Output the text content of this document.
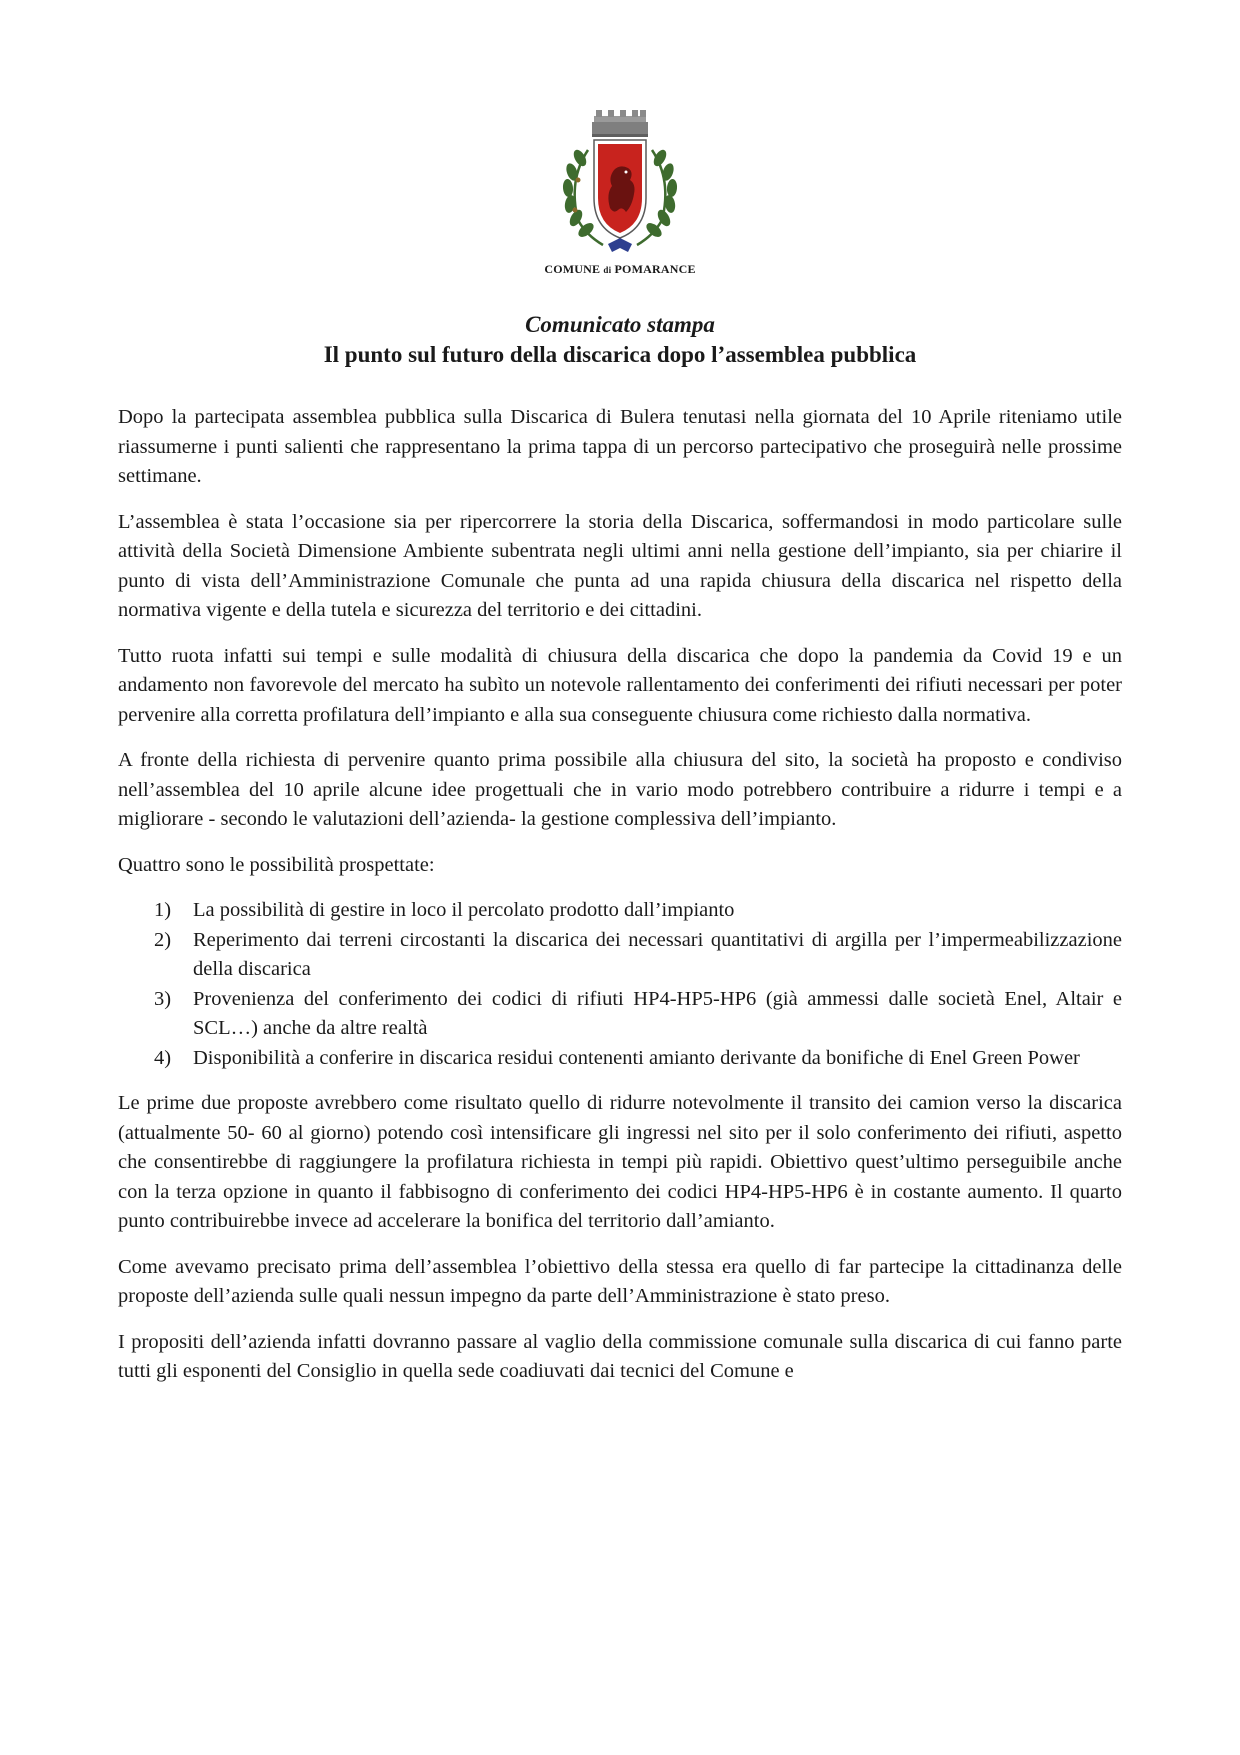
COMUNE di POMARANCE
Comunicato stampa
Il punto sul futuro della discarica dopo l’assemblea pubblica

Dopo la partecipata assemblea pubblica sulla Discarica di Bulera tenutasi nella giornata del 10 Aprile riteniamo utile riassumerne i punti salienti che rappresentano la prima tappa di un percorso partecipativo che proseguirà nelle prossime settimane.

L’assemblea è stata l’occasione sia per ripercorrere la storia della Discarica, soffermandosi in modo particolare sulle attività della Società Dimensione Ambiente subentrata negli ultimi anni nella gestione dell’impianto, sia per chiarire il punto di vista dell’Amministrazione Comunale che punta ad una rapida chiusura della discarica nel rispetto della normativa vigente e della tutela e sicurezza del territorio e dei cittadini.

Tutto ruota infatti sui tempi e sulle modalità di chiusura della discarica che dopo la pandemia da Covid 19 e un andamento non favorevole del mercato ha subìto un notevole rallentamento dei conferimenti dei rifiuti necessari per poter pervenire alla corretta profilatura dell’impianto e alla sua conseguente chiusura come richiesto dalla normativa.

A fronte della richiesta di pervenire quanto prima possibile alla chiusura del sito, la società ha proposto e condiviso nell’assemblea del 10 aprile alcune idee progettuali che in vario modo potrebbero contribuire a ridurre i tempi e a migliorare - secondo le valutazioni dell’azienda- la gestione complessiva dell’impianto.

Quattro sono le possibilità prospettate:

1) La possibilità di gestire in loco il percolato prodotto dall’impianto
2) Reperimento dai terreni circostanti la discarica dei necessari quantitativi di argilla per l’impermeabilizzazione della discarica
3) Provenienza del conferimento dei codici di rifiuti HP4-HP5-HP6 (già ammessi dalle società Enel, Altair e SCL…) anche da altre realtà
4) Disponibilità a conferire in discarica residui contenenti amianto derivante da bonifiche di Enel Green Power

Le prime due proposte avrebbero come risultato quello di ridurre notevolmente il transito dei camion verso la discarica (attualmente 50- 60 al giorno) potendo così intensificare gli ingressi nel sito per il solo conferimento dei rifiuti, aspetto che consentirebbe di raggiungere la profilatura richiesta in tempi più rapidi. Obiettivo quest’ultimo perseguibile anche con la terza opzione in quanto il fabbisogno di conferimento dei codici HP4-HP5-HP6 è in costante aumento. Il quarto punto contribuirebbe invece ad accelerare la bonifica del territorio dall’amianto.

Come avevamo precisato prima dell’assemblea l’obiettivo della stessa era quello di far partecipe la cittadinanza delle proposte dell’azienda sulle quali nessun impegno da parte dell’Amministrazione è stato preso.

I propositi dell’azienda infatti dovranno passare al vaglio della commissione comunale sulla discarica di cui fanno parte tutti gli esponenti del Consiglio in quella sede coadiuvati dai tecnici del Comune e
